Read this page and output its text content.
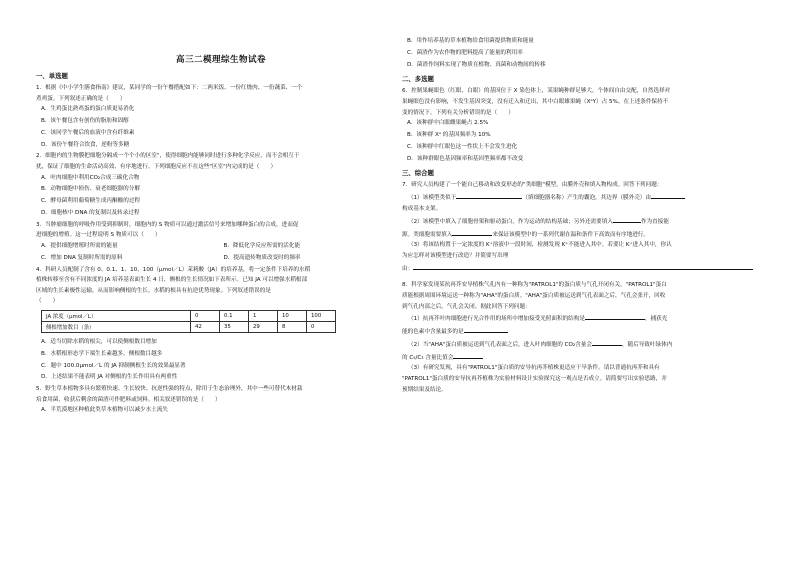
高三二模理综生物试卷
一、单选题

1．根据《中小学生膳食指南》建议，某同学的一份午餐搭配如下：二两米饭、一份红烧肉、一份蔬菜、一个

煮鸡蛋。下列叙述正确的是（　　）

A．生鸡蛋比熟鸡蛋的蛋白质更易消化

B．该午餐包含有创伤的脂肪和固醇

C．该同学午餐后的血液中含有纤维素

D．该份午餐符合饮食，逆粉等多糖

2．细胞内的生物膜把细胞分隔成一个个小的区室"，使得细胞内能够同时进行多种化学反应，而不会相互干

扰，保证了细胞的生命活动高效、有序地进行。下列细胞反应不在这些"区室"内完成的是（　　）

A．叶肉细胞中利用CO₂合成三碳化合物

B．动物细胞中损伤、衰老细胞器的分解

C．酵母菌利用葡萄糖生成丙酮酸的过程

D．细胞核中 DNA 的复制以及转录过程

3．当肿瘤细胞的呼吸作用受到抑制时，细胞内的 S 物质可以通过激活信号来增加哪种蛋白的合成，进而促

进细胞的增殖。这一过程说明 S 物质可以（　　）

A．提供细胞增殖时所需的能量	B．降低化学反应所需的活化能
C．增加 DNA 复制时所需的原料	D．提高遗传物质改变时的频率

4．科研人员配制了含有 0、0.1、1、10、100（μmol／L）茉莉酸（JA）的培养基，将一定条件下培养的水稻

植株转移至含有不同浓度的 JA 培养基表面生长 4 日，侧根的生长情况如下表所示。已知 JA 可以增强水稻根部

区域的生长素极性运输，从而影响侧根的生长。水稻的根具有抗逆优势现象。下列叙述错误的是

（　　）

JA 浓度（μmol／L）	0	0.1	1	10	100
侧根增加数目（条）	42	35	29	8	0

A．适当切除水稻的根尖，可以使侧根数目增加

B．水稻根形态学下端生长素越多，侧根数目越多

C．题中 100.0μmol／L 的 JA 抑制侧根生长的效果最显著

D．上述结果不能表明 JA 对侧根的生长作用具有两重性

5．野生草本植物多具有繁殖快速、生长较快、抗逆性强的特点，除用于生态治理外，其中一些可替代木材栽

培食用菌，收获后剩余的菌渣可作肥料或饲料。相关叙述错误的是（　　）

A．半荒漠地区种植此类草本植物可以减少水土流失

B．用作培养基的草本植物给食用菌提供物质和能量

C．菌渣作为农作物的肥料提高了能量的利用率

D．菌渣作饲料实现了物质在植物、真菌和动物间的转移

二、多选题

6．控制果蝇眼色（红眼、白眼）的基因位于 X 染色体上，某果蝇种群足够大，个体间自由交配，自然选择对

果蝇眼色没有影响，不发生基因突变，没有迁入和迁出，其中白眼雄果蝇（XᵃY）占 5%。在上述条件保持不

变的情况下，下列有关分析错误的是（　　）

A．该种群中白眼雌果蝇占 2.5%

B．该种群 Xᵃ 的基因频率为 10%

C．该种群中红眼色这一性状上不会发生进化

D．该种群眼色基因频率和基因型频率都不改变

三、综合题

7．研究人员构建了一个能自己移动和改变形态的"类细胞"模型，由膜外壳和填入物构成。回答下列问题：

（1）该模型类似于	（填细胞器名称）产生的囊泡，其边界（膜外壳）由

构成基本支架。

（2）该模型中填入了细胞骨架和驱动蛋白，作为运动的结构基础；另外还需要填入	作为直接能

源。类细胞需要填入	来保证该模型中的一系列代谢在温和条件下高效而有序地进行。

（3）将该结构置于一定浓度的 K⁺溶液中一段时间，检测发现 K⁺不能进入其中。若要让 K⁺进入其中，你认

为应怎样对该模型进行改造？并简要写出理

由：

8．科学家发现某抗再芥安导植株气孔内有一种称为"PATROL1"的蛋白质与气孔开闭有关。"PATROL1"蛋白

质能根据周围环境运送一种称为"AHA"的蛋白质。"AHA"蛋白质被运送到气孔表面之后，气孔会张开，回收

到气孔内部之后，气孔会关闭。据此回答下列问题：

（1）抗再芥叶肉细胞进行光合作用的场所中增加接受光照面积的结构是	，捕获光

能的色素中含量最多的是

（2）当"AHA"蛋白质被运送到气孔表面之后，进入叶肉细胞的 CO₂含量会	，随后导致叶绿体内

的 C₅/C₃ 含量比值会

（3）有研究发现，具有"PATROL1"蛋白质的安导抗再芥植株更适应干旱条件。请以普通抗再芥和具有

"PATROL1"蛋白质的安导抗再芥植株为实验材料设计实验探究这一观点是否成立。请简要写出实验思路，并

预期结果及结论。
